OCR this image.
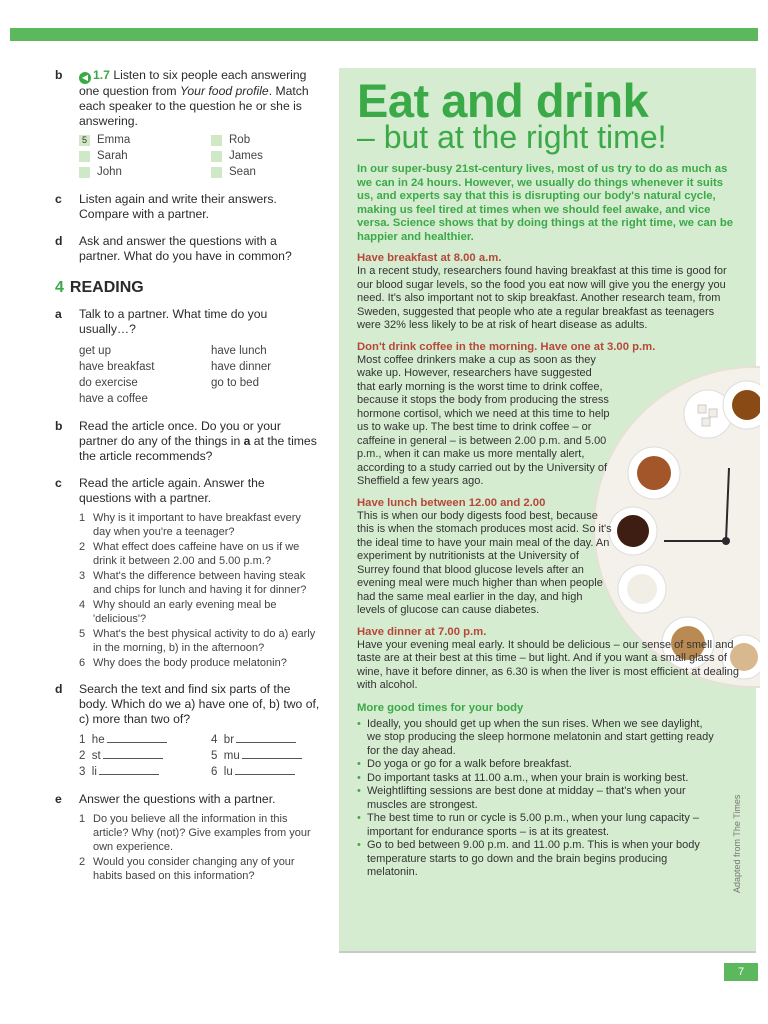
b ◀ 1.7 Listen to six people each answering one question from Your food profile. Match each speaker to the question he or she is answering.
5 Emma	Rob
Sarah	James
John	Sean
c Listen again and write their answers. Compare with a partner.
d Ask and answer the questions with a partner. What do you have in common?
4 READING
a Talk to a partner. What time do you usually…?
get up	have lunch
have breakfast	have dinner
do exercise	go to bed
have a coffee
b Read the article once. Do you or your partner do any of the things in a at the times the article recommends?
c Read the article again. Answer the questions with a partner.
1 Why is it important to have breakfast every day when you're a teenager?
2 What effect does caffeine have on us if we drink it between 2.00 and 5.00 p.m.?
3 What's the difference between having steak and chips for lunch and having it for dinner?
4 Why should an early evening meal be 'delicious'?
5 What's the best physical activity to do a) early in the morning, b) in the afternoon?
6 Why does the body produce melatonin?
d Search the text and find six parts of the body. Which do we a) have one of, b) two of, c) more than two of?
1 he	4 br
2 st	5 mu
3 li	6 lu
e Answer the questions with a partner.
1 Do you believe all the information in this article? Why (not)? Give examples from your own experience.
2 Would you consider changing any of your habits based on this information?
Eat and drink
– but at the right time!
In our super-busy 21st-century lives, most of us try to do as much as we can in 24 hours. However, we usually do things whenever it suits us, and experts say that this is disrupting our body's natural cycle, making us feel tired at times when we should feel awake, and vice versa. Science shows that by doing things at the right time, we can be happier and healthier.
Have breakfast at 8.00 a.m.
In a recent study, researchers found having breakfast at this time is good for our blood sugar levels, so the food you eat now will give you the energy you need. It's also important not to skip breakfast. Another research team, from Sweden, suggested that people who ate a regular breakfast as teenagers were 32% less likely to be at risk of heart disease as adults.
Don't drink coffee in the morning. Have one at 3.00 p.m.
Most coffee drinkers make a cup as soon as they wake up. However, researchers have suggested that early morning is the worst time to drink coffee, because it stops the body from producing the stress hormone cortisol, which we need at this time to help us to wake up. The best time to drink coffee – or caffeine in general – is between 2.00 p.m. and 5.00 p.m., when it can make us more mentally alert, according to a study carried out by the University of Sheffield a few years ago.
Have lunch between 12.00 and 2.00
This is when our body digests food best, because this is when the stomach produces most acid. So it's the ideal time to have your main meal of the day. An experiment by nutritionists at the University of Surrey found that blood glucose levels after an evening meal were much higher than when people had the same meal earlier in the day, and high levels of glucose can cause diabetes.
Have dinner at 7.00 p.m.
Have your evening meal early. It should be delicious – our sense of smell and taste are at their best at this time – but light. And if you want a small glass of wine, have it before dinner, as 6.30 is when the liver is most efficient at dealing with alcohol.
More good times for your body
• Ideally, you should get up when the sun rises. When we see daylight, we stop producing the sleep hormone melatonin and start getting ready for the day ahead.
• Do yoga or go for a walk before breakfast.
• Do important tasks at 11.00 a.m., when your brain is working best.
• Weightlifting sessions are best done at midday – that's when your muscles are strongest.
• The best time to run or cycle is 5.00 p.m., when your lung capacity – important for endurance sports – is at its greatest.
• Go to bed between 9.00 p.m. and 11.00 p.m. This is when your body temperature starts to go down and the brain begins producing melatonin.	Adapted from The Times
7
